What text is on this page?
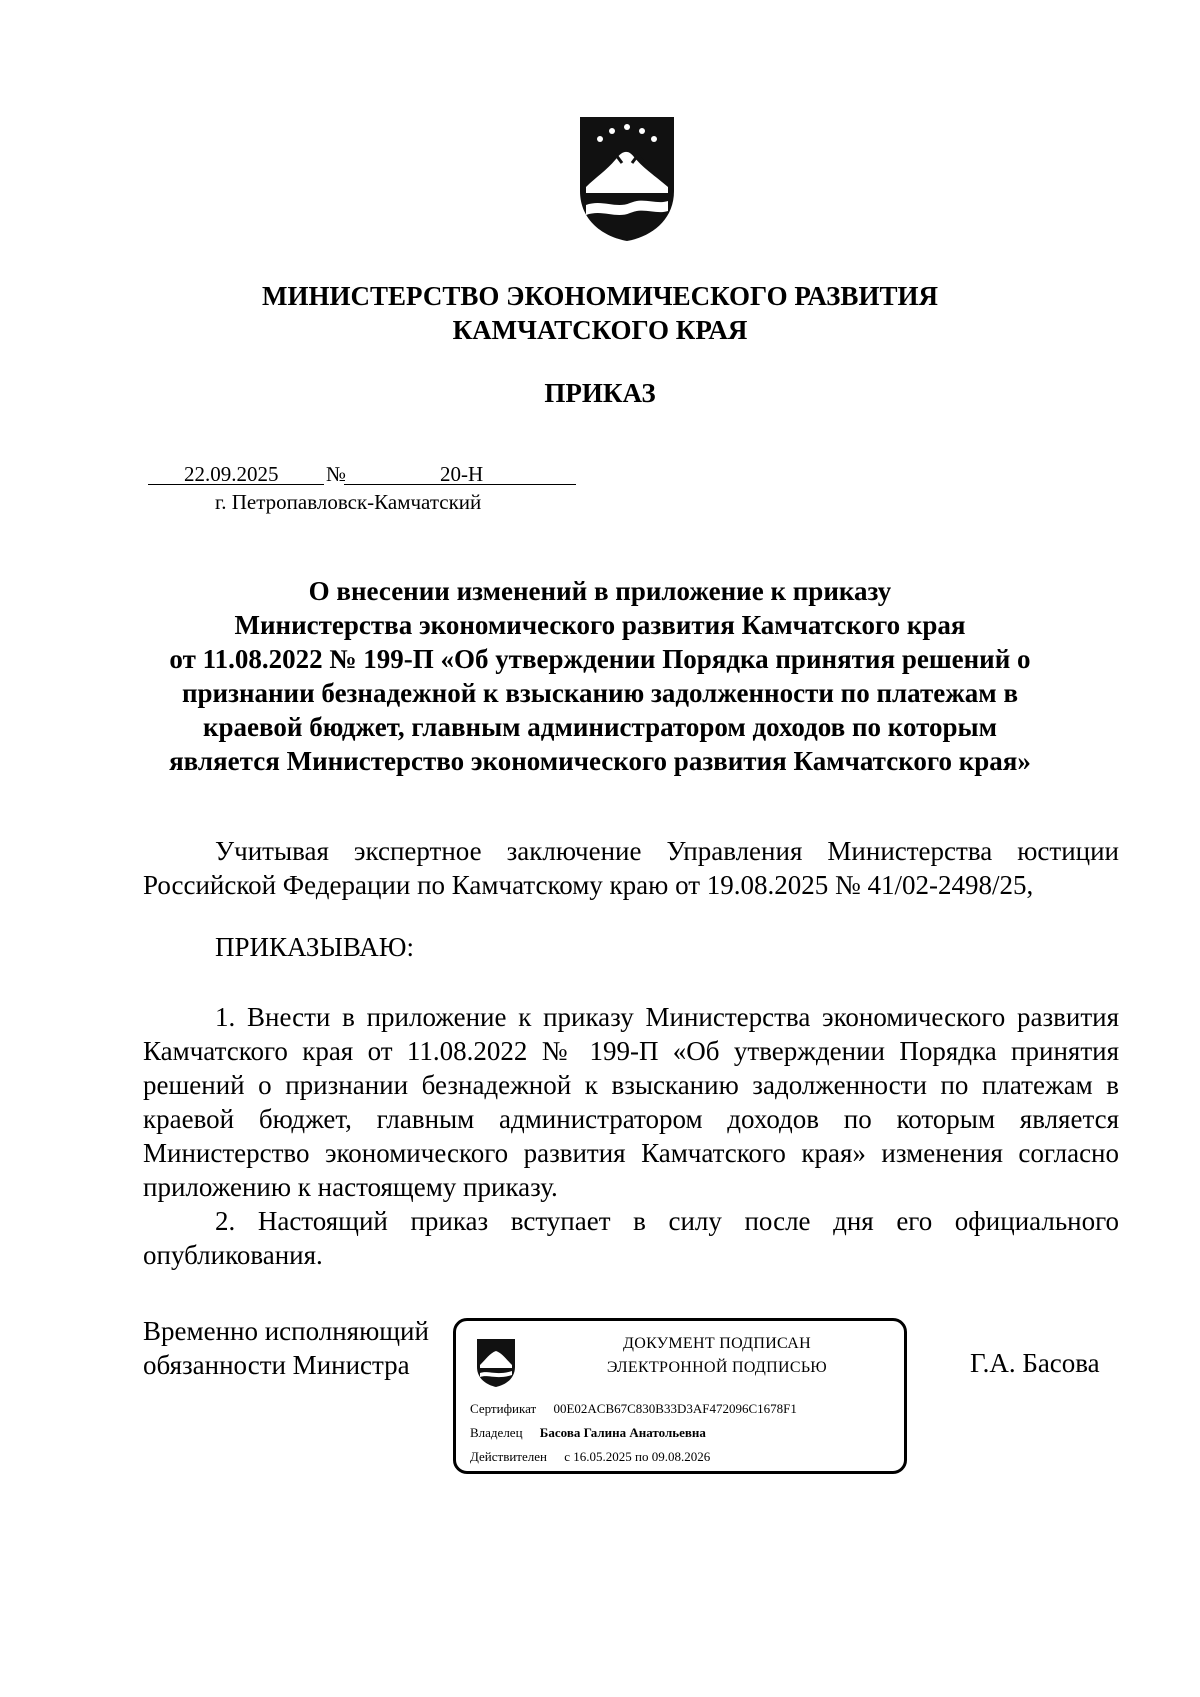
МИНИСТЕРСТВО ЭКОНОМИЧЕСКОГО РАЗВИТИЯ
КАМЧАТСКОГО КРАЯ
ПРИКАЗ
22.09.2025 №	20-Н
г. Петропавловск-Камчатский
О внесении изменений в приложение к приказу
Министерства экономического развития Камчатского края
от 11.08.2022 № 199-П «Об утверждении Порядка принятия решений о
признании безнадежной к взысканию задолженности по платежам в
краевой бюджет, главным администратором доходов по которым
является Министерство экономического развития Камчатского края»

Учитывая экспертное заключение Управления Министерства юстиции Российской Федерации по Камчатскому краю от 19.08.2025 № 41/02-2498/25,

ПРИКАЗЫВАЮ:

1. Внести в приложение к приказу Министерства экономического развития Камчатского края от 11.08.2022 № 199-П «Об утверждении Порядка принятия решений о признании безнадежной к взысканию задолженности по платежам в краевой бюджет, главным администратором доходов по которым является Министерство экономического развития Камчатского края» изменения согласно приложению к настоящему приказу.

2. Настоящий приказ вступает в силу после дня его официального опубликования.

Временно исполняющий
обязанности Министра
ДОКУМЕНТ ПОДПИСАН
ЭЛЕКТРОННОЙ ПОДПИСЬЮ
Сертификат 00E02ACB67C830B33D3AF472096C1678F1
Владелец Басова Галина Анатольевна
Действителен с 16.05.2025 по 09.08.2026
Г.А. Басова
